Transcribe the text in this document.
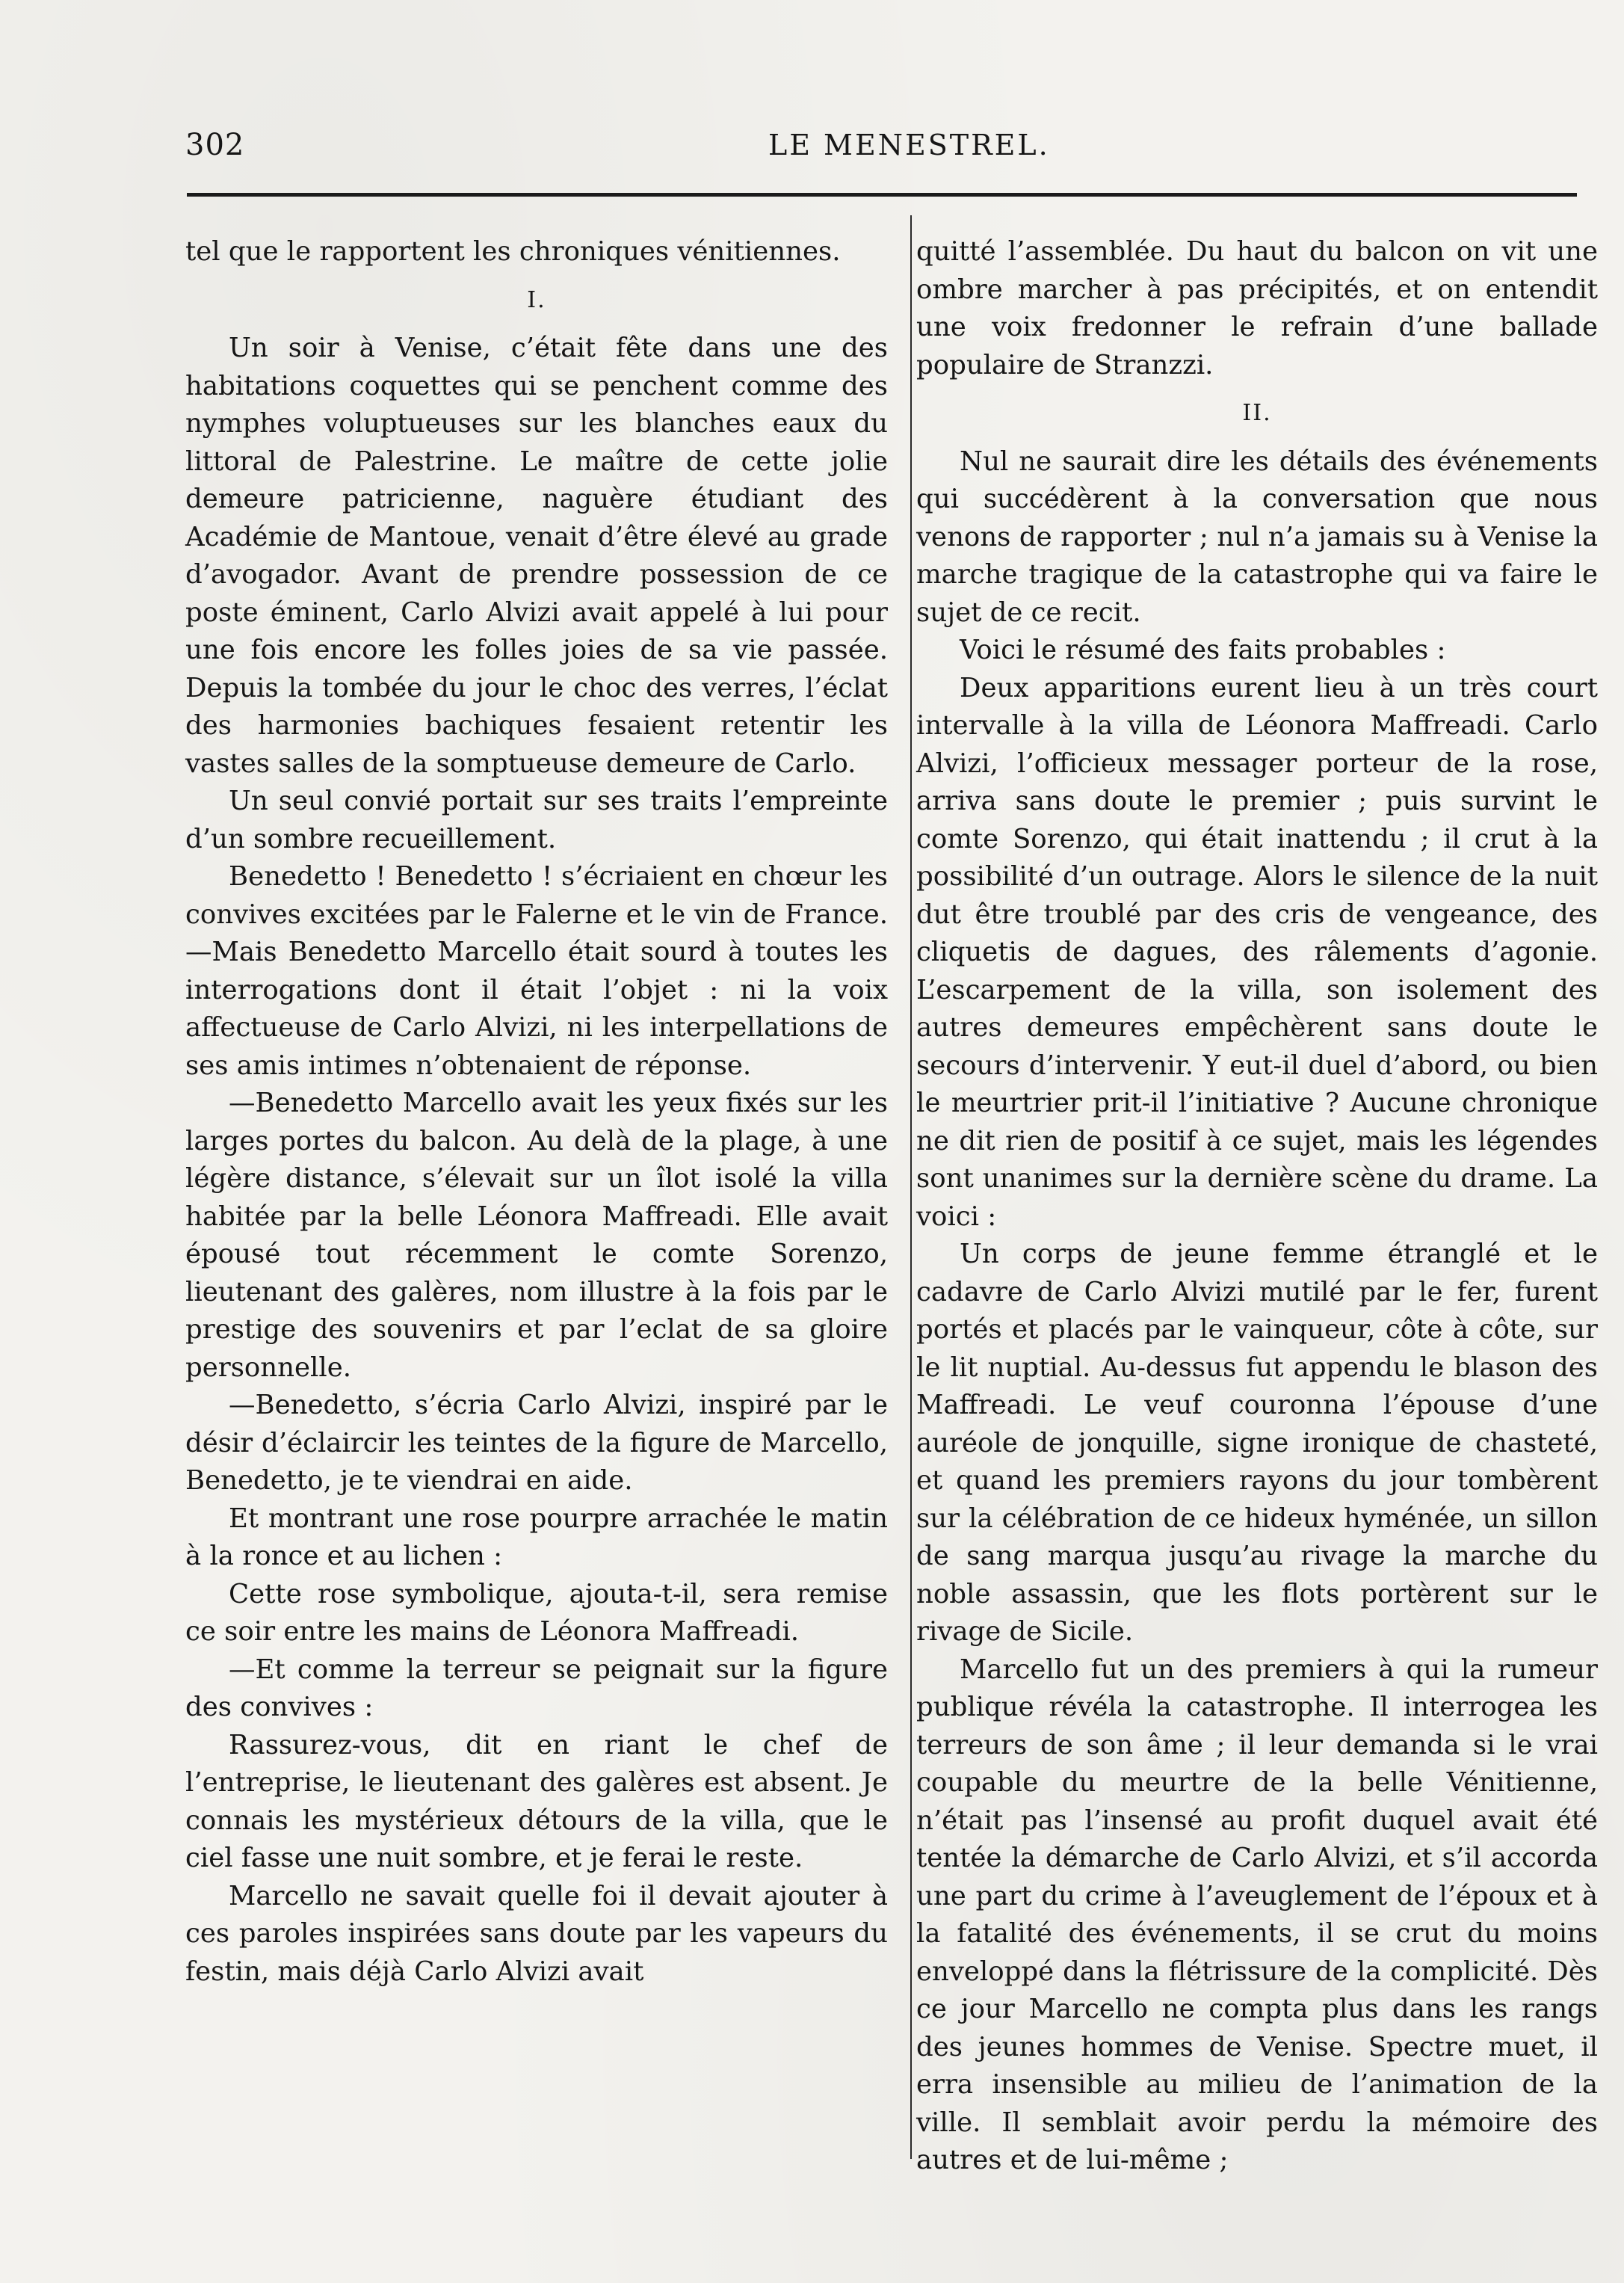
302	LE MENESTREL.

tel que le rapportent les chroniques vénitiennes.

I.

Un soir à Venise, c’était fête dans une des habitations coquettes qui se penchent comme des nymphes voluptueuses sur les blanches eaux du littoral de Palestrine. Le maître de cette jolie demeure patricienne, naguère étudiant des Académie de Mantoue, venait d’être élevé au grade d’avogador. Avant de prendre possession de ce poste éminent, Carlo Alvizi avait appelé à lui pour une fois encore les folles joies de sa vie passée. Depuis la tombée du jour le choc des verres, l’éclat des harmonies bachiques fesaient retentir les vastes salles de la somptueuse demeure de Carlo.

Un seul convié portait sur ses traits l’empreinte d’un sombre recueillement.

Benedetto ! Benedetto ! s’écriaient en chœur les convives excitées par le Falerne et le vin de France.—Mais Benedetto Marcello était sourd à toutes les interrogations dont il était l’objet : ni la voix affectueuse de Carlo Alvizi, ni les interpellations de ses amis intimes n’obtenaient de réponse.

—Benedetto Marcello avait les yeux fixés sur les larges portes du balcon. Au delà de la plage, à une légère distance, s’élevait sur un îlot isolé la villa habitée par la belle Léonora Maffreadi. Elle avait épousé tout récemment le comte Sorenzo, lieutenant des galères, nom illustre à la fois par le prestige des souvenirs et par l’eclat de sa gloire personnelle.

—Benedetto, s’écria Carlo Alvizi, inspiré par le désir d’éclaircir les teintes de la figure de Marcello, Benedetto, je te viendrai en aide.

Et montrant une rose pourpre arrachée le matin à la ronce et au lichen :

Cette rose symbolique, ajouta-t-il, sera remise ce soir entre les mains de Léonora Maffreadi.

—Et comme la terreur se peignait sur la figure des convives :

Rassurez-vous, dit en riant le chef de l’entreprise, le lieutenant des galères est absent. Je connais les mystérieux détours de la villa, que le ciel fasse une nuit sombre, et je ferai le reste.

Marcello ne savait quelle foi il devait ajouter à ces paroles inspirées sans doute par les vapeurs du festin, mais déjà Carlo Alvizi avait

quitté l’assemblée. Du haut du balcon on vit une ombre marcher à pas précipités, et on entendit une voix fredonner le refrain d’une ballade populaire de Stranzzi.

II.

Nul ne saurait dire les détails des événements qui succédèrent à la conversation que nous venons de rapporter ; nul n’a jamais su à Venise la marche tragique de la catastrophe qui va faire le sujet de ce recit.

Voici le résumé des faits probables :

Deux apparitions eurent lieu à un très court intervalle à la villa de Léonora Maffreadi. Carlo Alvizi, l’officieux messager porteur de la rose, arriva sans doute le premier ; puis survint le comte Sorenzo, qui était inattendu ; il crut à la possibilité d’un outrage. Alors le silence de la nuit dut être troublé par des cris de vengeance, des cliquetis de dagues, des râlements d’agonie. L’escarpement de la villa, son isolement des autres demeures empêchèrent sans doute le secours d’intervenir. Y eut-il duel d’abord, ou bien le meurtrier prit-il l’initiative ? Aucune chronique ne dit rien de positif à ce sujet, mais les légendes sont unanimes sur la dernière scène du drame. La voici :

Un corps de jeune femme étranglé et le cadavre de Carlo Alvizi mutilé par le fer, furent portés et placés par le vainqueur, côte à côte, sur le lit nuptial. Au-dessus fut appendu le blason des Maffreadi. Le veuf couronna l’épouse d’une auréole de jonquille, signe ironique de chasteté, et quand les premiers rayons du jour tombèrent sur la célébration de ce hideux hyménée, un sillon de sang marqua jusqu’au rivage la marche du noble assassin, que les flots portèrent sur le rivage de Sicile.

Marcello fut un des premiers à qui la rumeur publique révéla la catastrophe. Il interrogea les terreurs de son âme ; il leur demanda si le vrai coupable du meurtre de la belle Vénitienne, n’était pas l’insensé au profit duquel avait été tentée la démarche de Carlo Alvizi, et s’il accorda une part du crime à l’aveuglement de l’époux et à la fatalité des événements, il se crut du moins enveloppé dans la flétrissure de la complicité. Dès ce jour Marcello ne compta plus dans les rangs des jeunes hommes de Venise. Spectre muet, il erra insensible au milieu de l’animation de la ville. Il semblait avoir perdu la mémoire des autres et de lui-même ;
